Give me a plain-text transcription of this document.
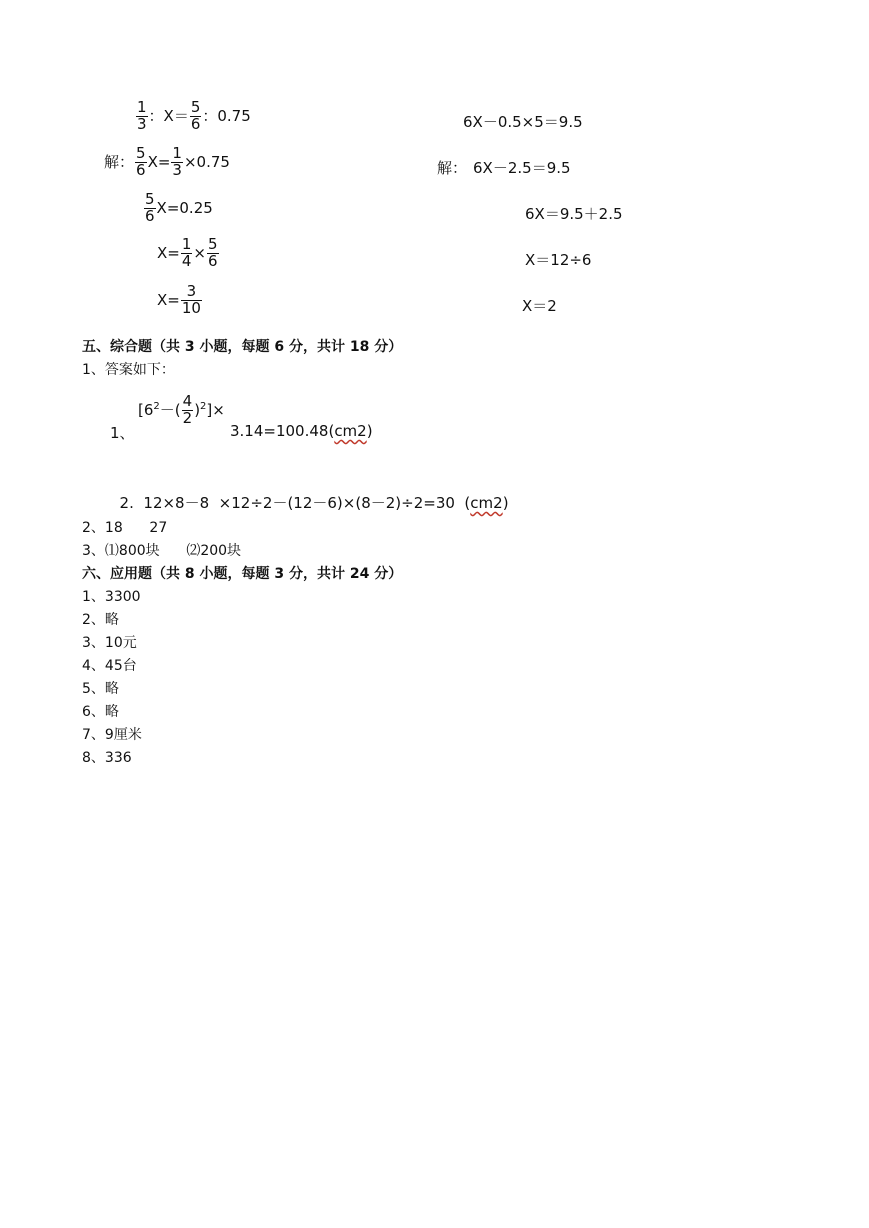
$\frac{1}{3}$ ：$X= \frac{5}{6}$ ：0.75
解： $\frac{5}{6} X= \frac{1}{3} \times 0.75$
$\frac{5}{6} X=0.25$
$X= \frac{1}{4} \times \frac{5}{6}$
$X= \frac{3}{10}$
6X－0.5×5＝9.5
解： 6X－2.5＝9.5
6X＝9.5＋2.5
X＝12÷6
X＝2
五、综合题（共 3 小题，每题 6 分，共计 18 分）
1、答案如下：
$[6^2-( \frac{4}{2} )^2]\times$
1、	3.14=100.48(cm2)

2.  12×8－8  ×12÷2－(12－6)×(8－2)÷2=30  (cm2)

2、18      27
3、⑴800块      ⑵200块
六、应用题（共 8 小题，每题 3 分，共计 24 分）
1、3300
2、略
3、10元
4、45台
5、略
6、略
7、9厘米
8、336
